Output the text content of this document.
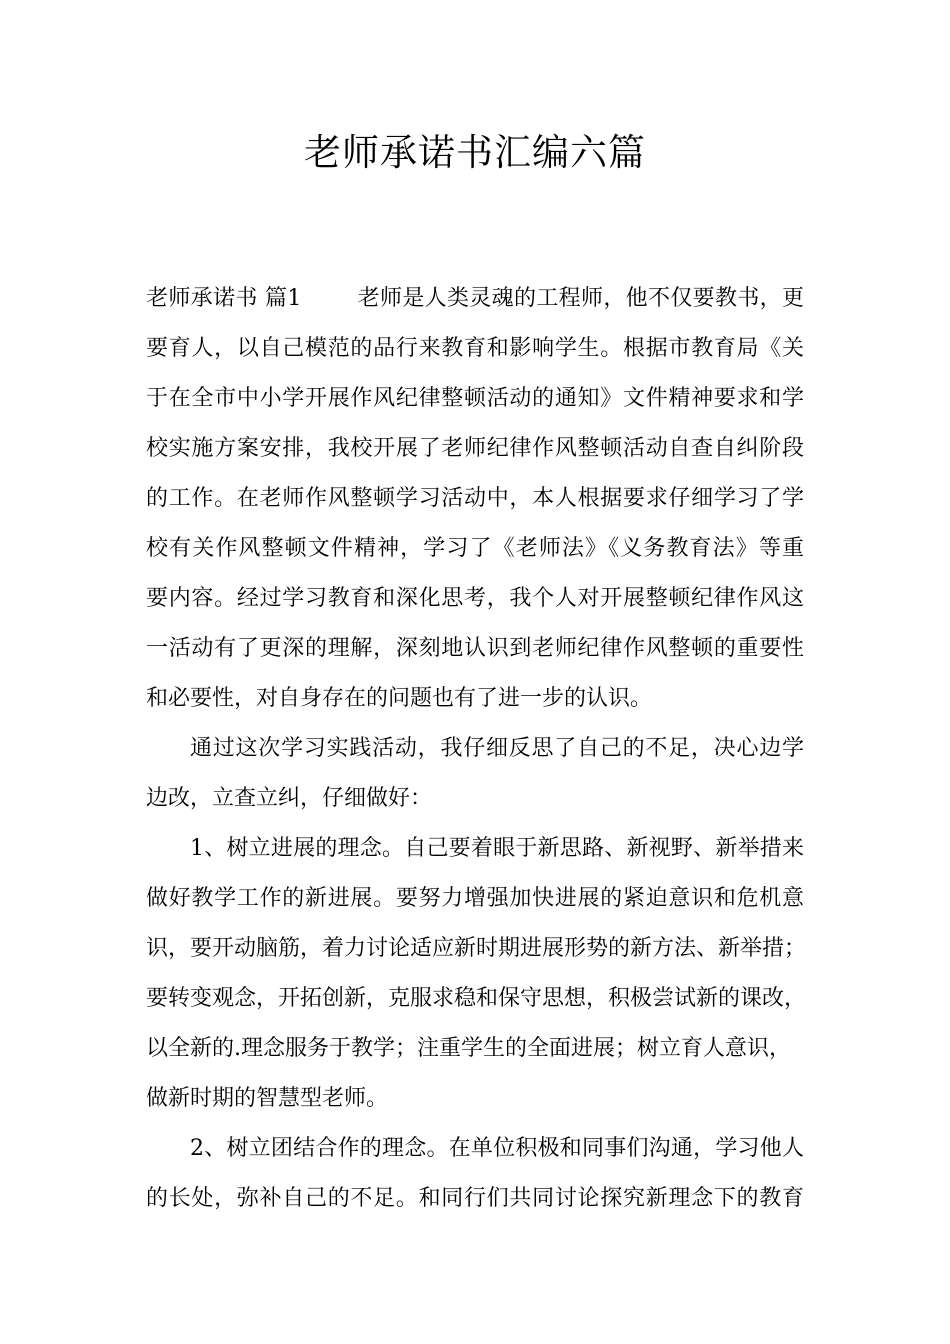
老师承诺书汇编六篇
老师承诺书 篇1	老师是人类灵魂的工程师，他不仅要教书，更
要育人，以自己模范的品行来教育和影响学生。根据市教育局《关
于在全市中小学开展作风纪律整顿活动的通知》文件精神要求和学
校实施方案安排，我校开展了老师纪律作风整顿活动自查自纠阶段
的工作。在老师作风整顿学习活动中，本人根据要求仔细学习了学
校有关作风整顿文件精神，学习了《老师法》《义务教育法》等重
要内容。经过学习教育和深化思考，我个人对开展整顿纪律作风这
一活动有了更深的理解，深刻地认识到老师纪律作风整顿的重要性
和必要性，对自身存在的问题也有了进一步的认识。
通过这次学习实践活动，我仔细反思了自己的不足，决心边学
边改，立查立纠，仔细做好：
1、树立进展的理念。自己要着眼于新思路、新视野、新举措来
做好教学工作的新进展。要努力增强加快进展的紧迫意识和危机意
识，要开动脑筋，着力讨论适应新时期进展形势的新方法、新举措；
要转变观念，开拓创新，克服求稳和保守思想，积极尝试新的课改，
以全新的.理念服务于教学；注重学生的全面进展；树立育人意识，
做新时期的智慧型老师。
2、树立团结合作的理念。在单位积极和同事们沟通，学习他人
的长处，弥补自己的不足。和同行们共同讨论探究新理念下的教育
